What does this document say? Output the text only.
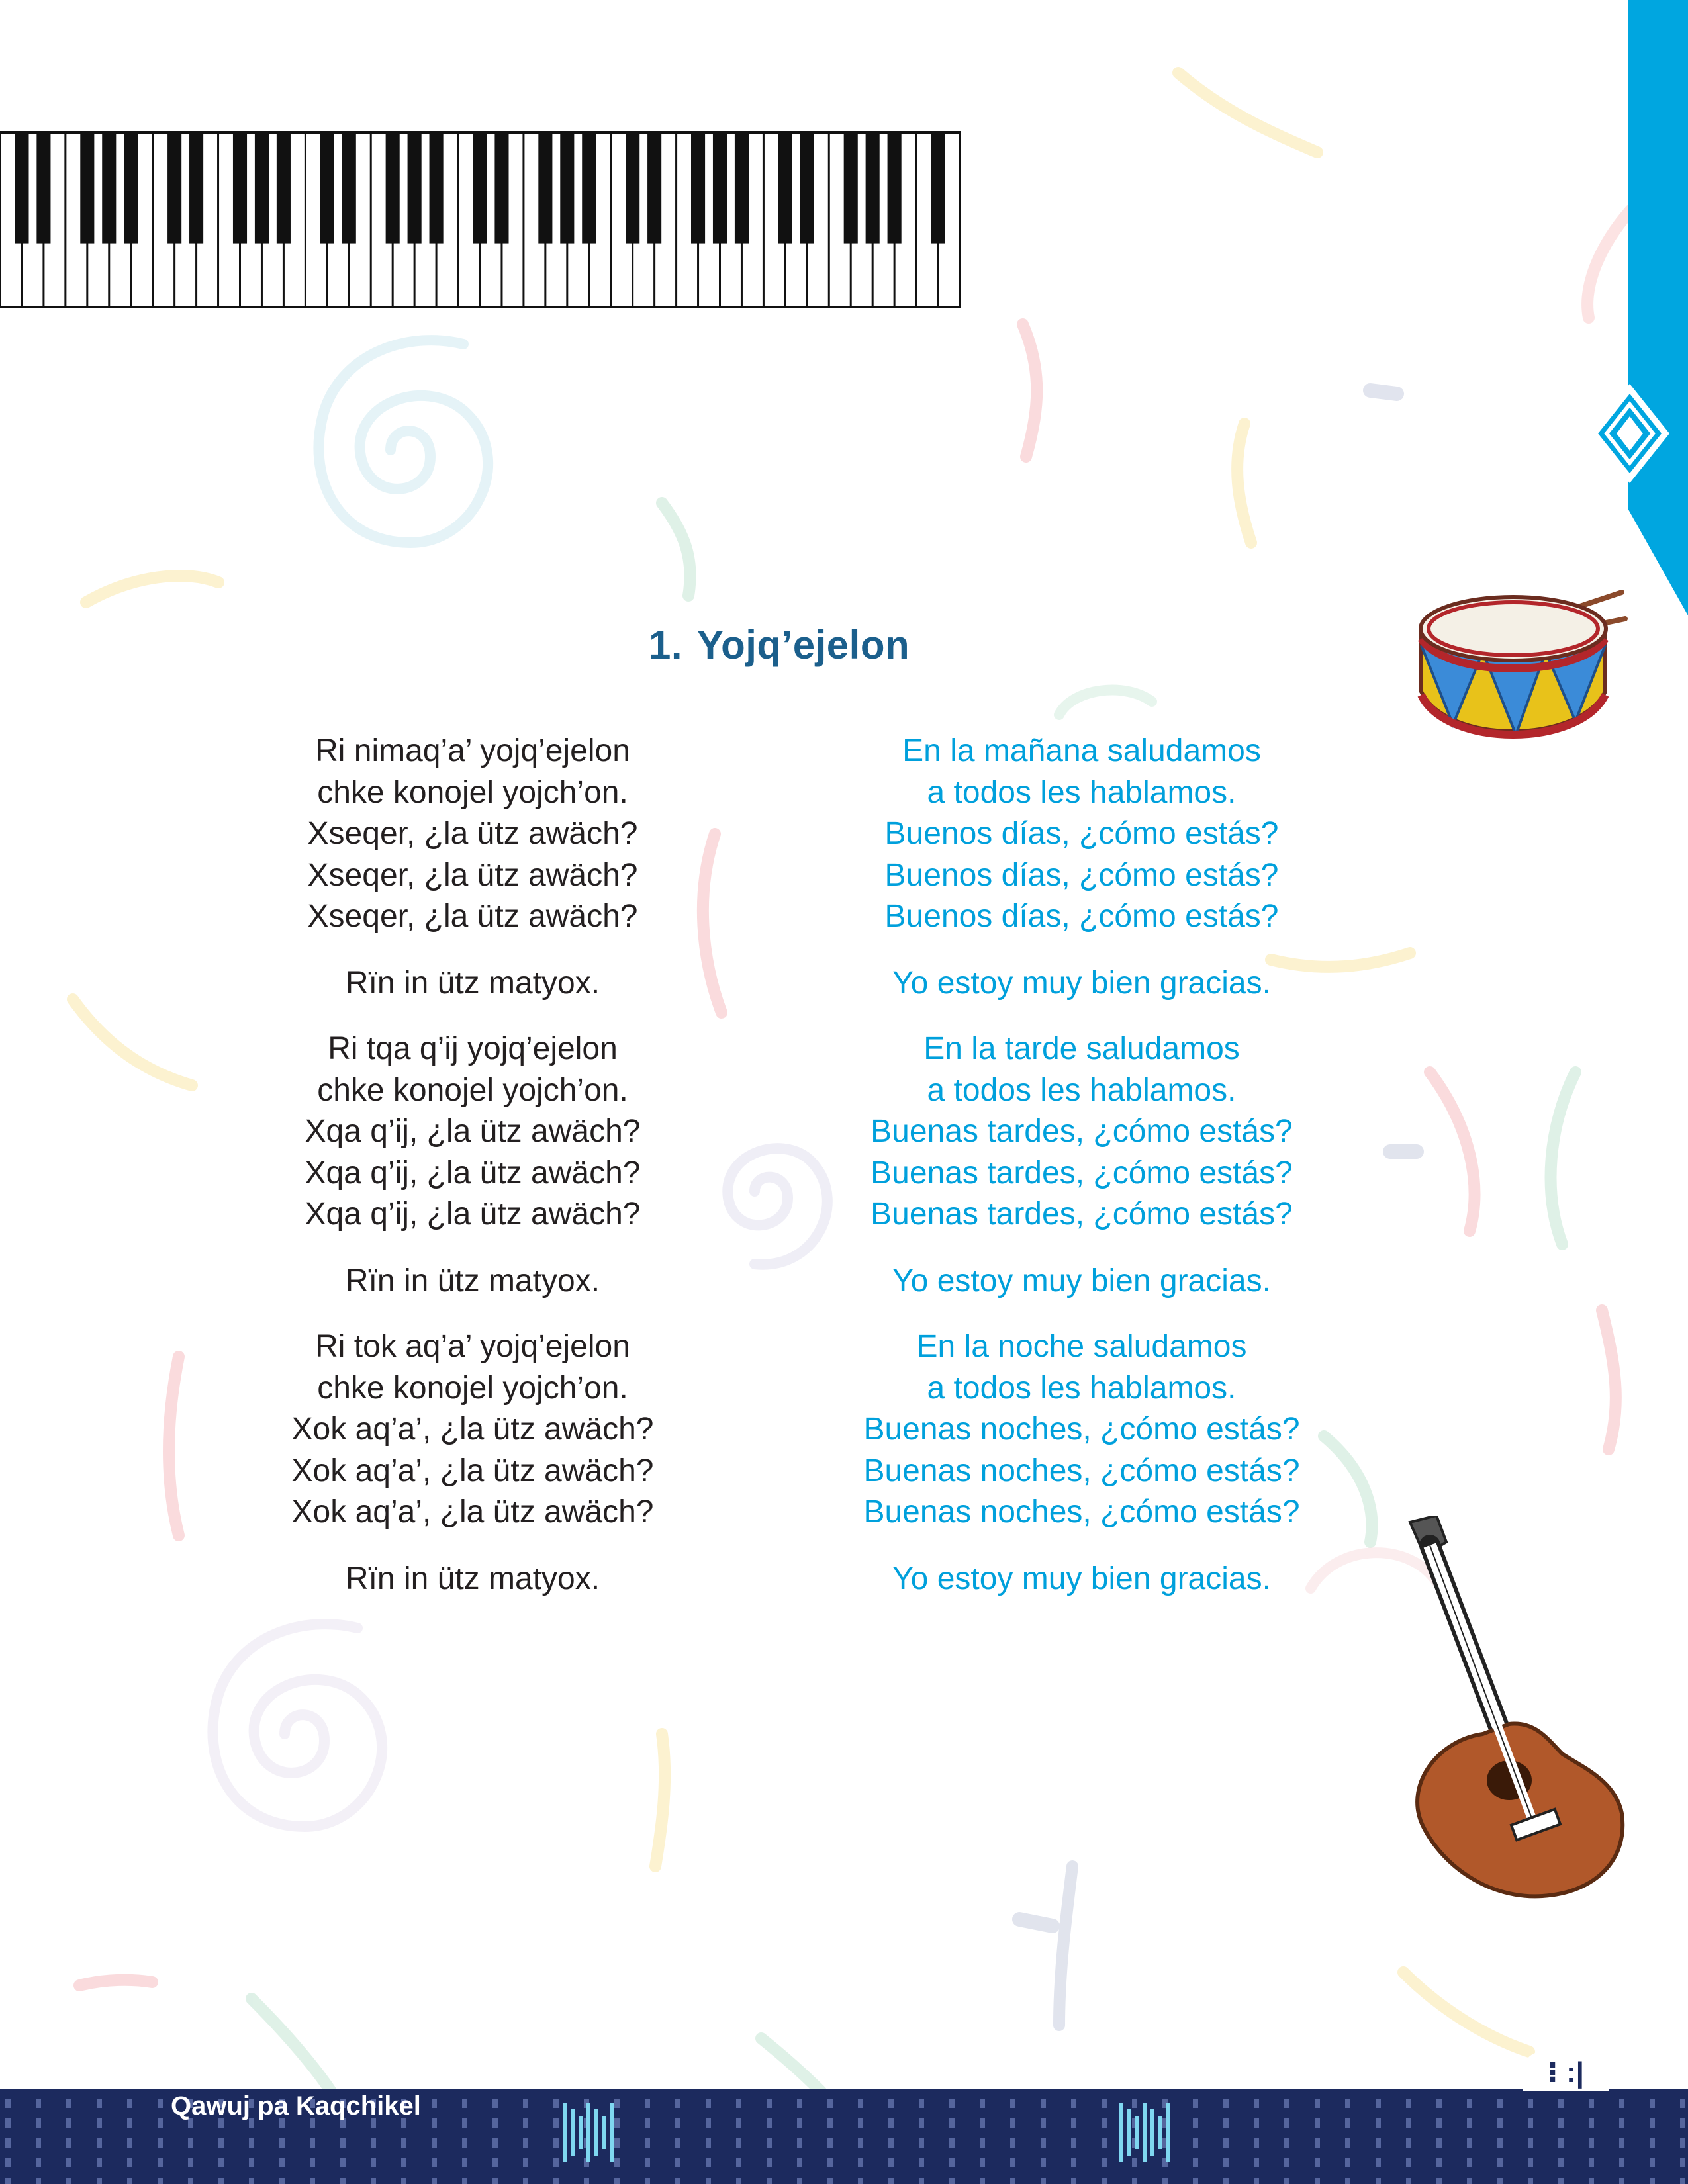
1. Yojq’ejelon
Ri nimaq’a’ yojq’ejelon
chke konojel yojch’on.
Xseqer, ¿la ütz awäch?
Xseqer, ¿la ütz awäch?
Xseqer, ¿la ütz awäch?
Rïn in ütz matyox.
Ri tqa q’ij yojq’ejelon
chke konojel yojch’on.
Xqa q’ij, ¿la ütz awäch?
Xqa q’ij, ¿la ütz awäch?
Xqa q’ij, ¿la ütz awäch?
Rïn in ütz matyox.
Ri tok aq’a’ yojq’ejelon
chke konojel yojch’on.
Xok aq’a’, ¿la ütz awäch?
Xok aq’a’, ¿la ütz awäch?
Xok aq’a’, ¿la ütz awäch?
Rïn in ütz matyox.
En la mañana saludamos
a todos les hablamos.
Buenos días, ¿cómo estás?
Buenos días, ¿cómo estás?
Buenos días, ¿cómo estás?
Yo estoy muy bien gracias.
En la tarde saludamos
a todos les hablamos.
Buenas tardes, ¿cómo estás?
Buenas tardes, ¿cómo estás?
Buenas tardes, ¿cómo estás?
Yo estoy muy bien gracias.
En la noche saludamos
a todos les hablamos.
Buenas noches, ¿cómo estás?
Buenas noches, ¿cómo estás?
Buenas noches, ¿cómo estás?
Yo estoy muy bien gracias.
Qawuj pa Kaqchikel
⁝ :|
